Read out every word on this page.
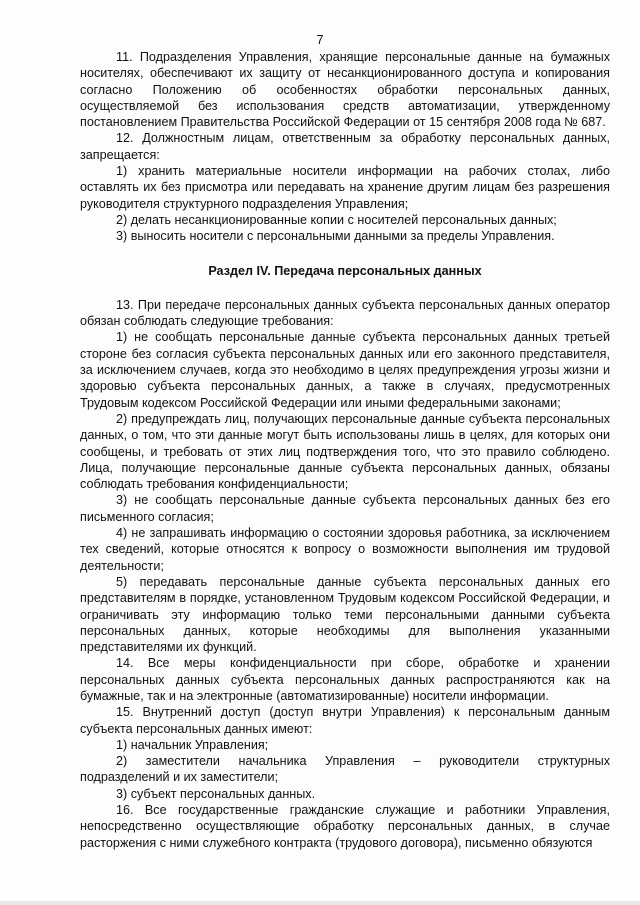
7

11. Подразделения Управления, хранящие персональные данные на бумажных носителях, обеспечивают их защиту от несанкционированного доступа и копирования согласно Положению об особенностях обработки персональных данных, осуществляемой без использования средств автоматизации, утвержденному постановлением Правительства Российской Федерации от 15 сентября 2008 года № 687.

12. Должностным лицам, ответственным за обработку персональных данных, запрещается:

1) хранить материальные носители информации на рабочих столах, либо оставлять их без присмотра или передавать на хранение другим лицам без разрешения руководителя структурного подразделения Управления;

2) делать несанкционированные копии с носителей персональных данных;

3) выносить носители с персональными данными за пределы Управления.

Раздел IV. Передача персональных данных

13. При передаче персональных данных субъекта персональных данных оператор обязан соблюдать следующие требования:

1) не сообщать персональные данные субъекта персональных данных третьей стороне без согласия субъекта персональных данных или его законного представителя, за исключением случаев, когда это необходимо в целях предупреждения угрозы жизни и здоровью субъекта персональных данных, а также в случаях, предусмотренных Трудовым кодексом Российской Федерации или иными федеральными законами;

2) предупреждать лиц, получающих персональные данные субъекта персональных данных, о том, что эти данные могут быть использованы лишь в целях, для которых они сообщены, и требовать от этих лиц подтверждения того, что это правило соблюдено. Лица, получающие персональные данные субъекта персональных данных, обязаны соблюдать требования конфиденциальности;

3) не сообщать персональные данные субъекта персональных данных без его письменного согласия;

4) не запрашивать информацию о состоянии здоровья работника, за исключением тех сведений, которые относятся к вопросу о возможности выполнения им трудовой деятельности;

5) передавать персональные данные субъекта персональных данных его представителям в порядке, установленном Трудовым кодексом Российской Федерации, и ограничивать эту информацию только теми персональными данными субъекта персональных данных, которые необходимы для выполнения указанными представителями их функций.

14. Все меры конфиденциальности при сборе, обработке и хранении персональных данных субъекта персональных данных распространяются как на бумажные, так и на электронные (автоматизированные) носители информации.

15. Внутренний доступ (доступ внутри Управления) к персональным данным субъекта персональных данных имеют:

1) начальник Управления;

2) заместители начальника Управления – руководители структурных подразделений и их заместители;

3) субъект персональных данных.

16. Все государственные гражданские служащие и работники Управления, непосредственно осуществляющие обработку персональных данных, в случае расторжения с ними служебного контракта (трудового договора), письменно обязуются
